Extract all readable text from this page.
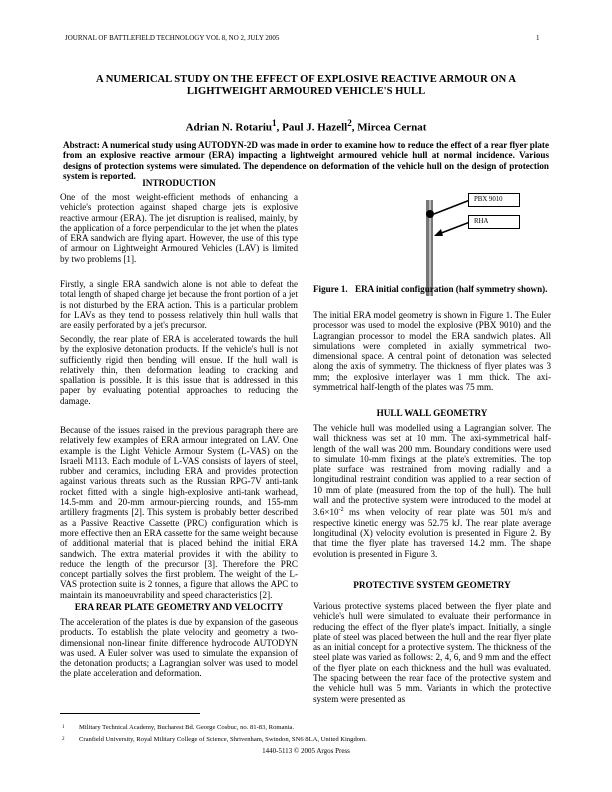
JOURNAL OF BATTLEFIELD TECHNOLOGY VOL 8, NO 2, JULY 2005	1
A NUMERICAL STUDY ON THE EFFECT OF EXPLOSIVE REACTIVE ARMOUR ON A LIGHTWEIGHT ARMOURED VEHICLE'S HULL
Adrian N. Rotariu$^1$, Paul J. Hazell$^2$, Mircea Cernat
Abstract: A numerical study using AUTODYN-2D was made in order to examine how to reduce the effect of a rear flyer plate from an explosive reactive armour (ERA) impacting a lightweight armoured vehicle hull at normal incidence. Various designs of protection systems were simulated. The dependence on deformation of the vehicle hull on the design of protection system is reported.
INTRODUCTION
One of the most weight-efficient methods of enhancing a vehicle's protection against shaped charge jets is explosive reactive armour (ERA). The jet disruption is realised, mainly, by the application of a force perpendicular to the jet when the plates of ERA sandwich are flying apart. However, the use of this type of armour on Lightweight Armoured Vehicles (LAV) is limited by two problems [1].
Firstly, a single ERA sandwich alone is not able to defeat the total length of shaped charge jet because the front portion of a jet is not disturbed by the ERA action. This is a particular problem for LAVs as they tend to possess relatively thin hull walls that are easily perforated by a jet's precursor.
Secondly, the rear plate of ERA is accelerated towards the hull by the explosive detonation products. If the vehicle's hull is not sufficiently rigid then bending will ensue. If the hull wall is relatively thin, then deformation leading to cracking and spallation is possible. It is this issue that is addressed in this paper by evaluating potential approaches to reducing the damage.
Because of the issues raised in the previous paragraph there are relatively few examples of ERA armour integrated on LAV. One example is the Light Vehicle Armour System (L-VAS) on the Israeli M113. Each module of L-VAS consists of layers of steel, rubber and ceramics, including ERA and provides protection against various threats such as the Russian RPG-7V anti-tank rocket fitted with a single high-explosive anti-tank warhead, 14.5-mm and 20-mm armour-piercing rounds, and 155-mm artillery fragments [2]. This system is probably better described as a Passive Reactive Cassette (PRC) configuration which is more effective then an ERA cassette for the same weight because of additional material that is placed behind the initial ERA sandwich. The extra material provides it with the ability to reduce the length of the precursor [3]. Therefore the PRC concept partially solves the first problem. The weight of the L-VAS protection suite is 2 tonnes, a figure that allows the APC to maintain its manoeuvrability and speed characteristics [2].
ERA REAR PLATE GEOMETRY AND VELOCITY
The acceleration of the plates is due by expansion of the gaseous products. To establish the plate velocity and geometry a two-dimensional non-linear finite difference hydrocode AUTODYN was used. A Euler solver was used to simulate the expansion of the detonation products; a Lagrangian solver was used to model the plate acceleration and deformation.
1 Military Technical Academy, Bucharest Bd. George Cosbuc, no. 81-83, Romania.
2 Cranfield University, Royal Military College of Science, Shrivenham, Swindon, SN6 8LA, United Kingdom.
1440-5113 © 2005 Argos Press
PBX 9010
RHA
Figure 1. ERA initial configuration (half symmetry shown).
The initial ERA model geometry is shown in Figure 1. The Euler processor was used to model the explosive (PBX 9010) and the Lagrangian processor to model the ERA sandwich plates. All simulations were completed in axially symmetrical two-dimensional space. A central point of detonation was selected along the axis of symmetry. The thickness of flyer plates was 3 mm; the explosive interlayer was 1 mm thick. The axi-symmetrical half-length of the plates was 75 mm.
HULL WALL GEOMETRY
The vehicle hull was modelled using a Lagrangian solver. The wall thickness was set at 10 mm. The axi-symmetrical half-length of the wall was 200 mm. Boundary conditions were used to simulate 10-mm fixings at the plate's extremities. The top plate surface was restrained from moving radially and a longitudinal restraint condition was applied to a rear section of 10 mm of plate (measured from the top of the hull). The hull wall and the protective system were introduced to the model at $3.6\times 10^{-2}$ ms when velocity of rear plate was 501 m/s and respective kinetic energy was 52.75 kJ. The rear plate average longitudinal (X) velocity evolution is presented in Figure 2. By that time the flyer plate has traversed 14.2 mm. The shape evolution is presented in Figure 3.
PROTECTIVE SYSTEM GEOMETRY
Various protective systems placed between the flyer plate and vehicle's hull were simulated to evaluate their performance in reducing the effect of the flyer plate's impact. Initially, a single plate of steel was placed between the hull and the rear flyer plate as an initial concept for a protective system. The thickness of the steel plate was varied as follows: 2, 4, 6, and 9 mm and the effect of the flyer plate on each thickness and the hull was evaluated. The spacing between the rear face of the protective system and the vehicle hull was 5 mm. Variants in which the protective system were presented as
